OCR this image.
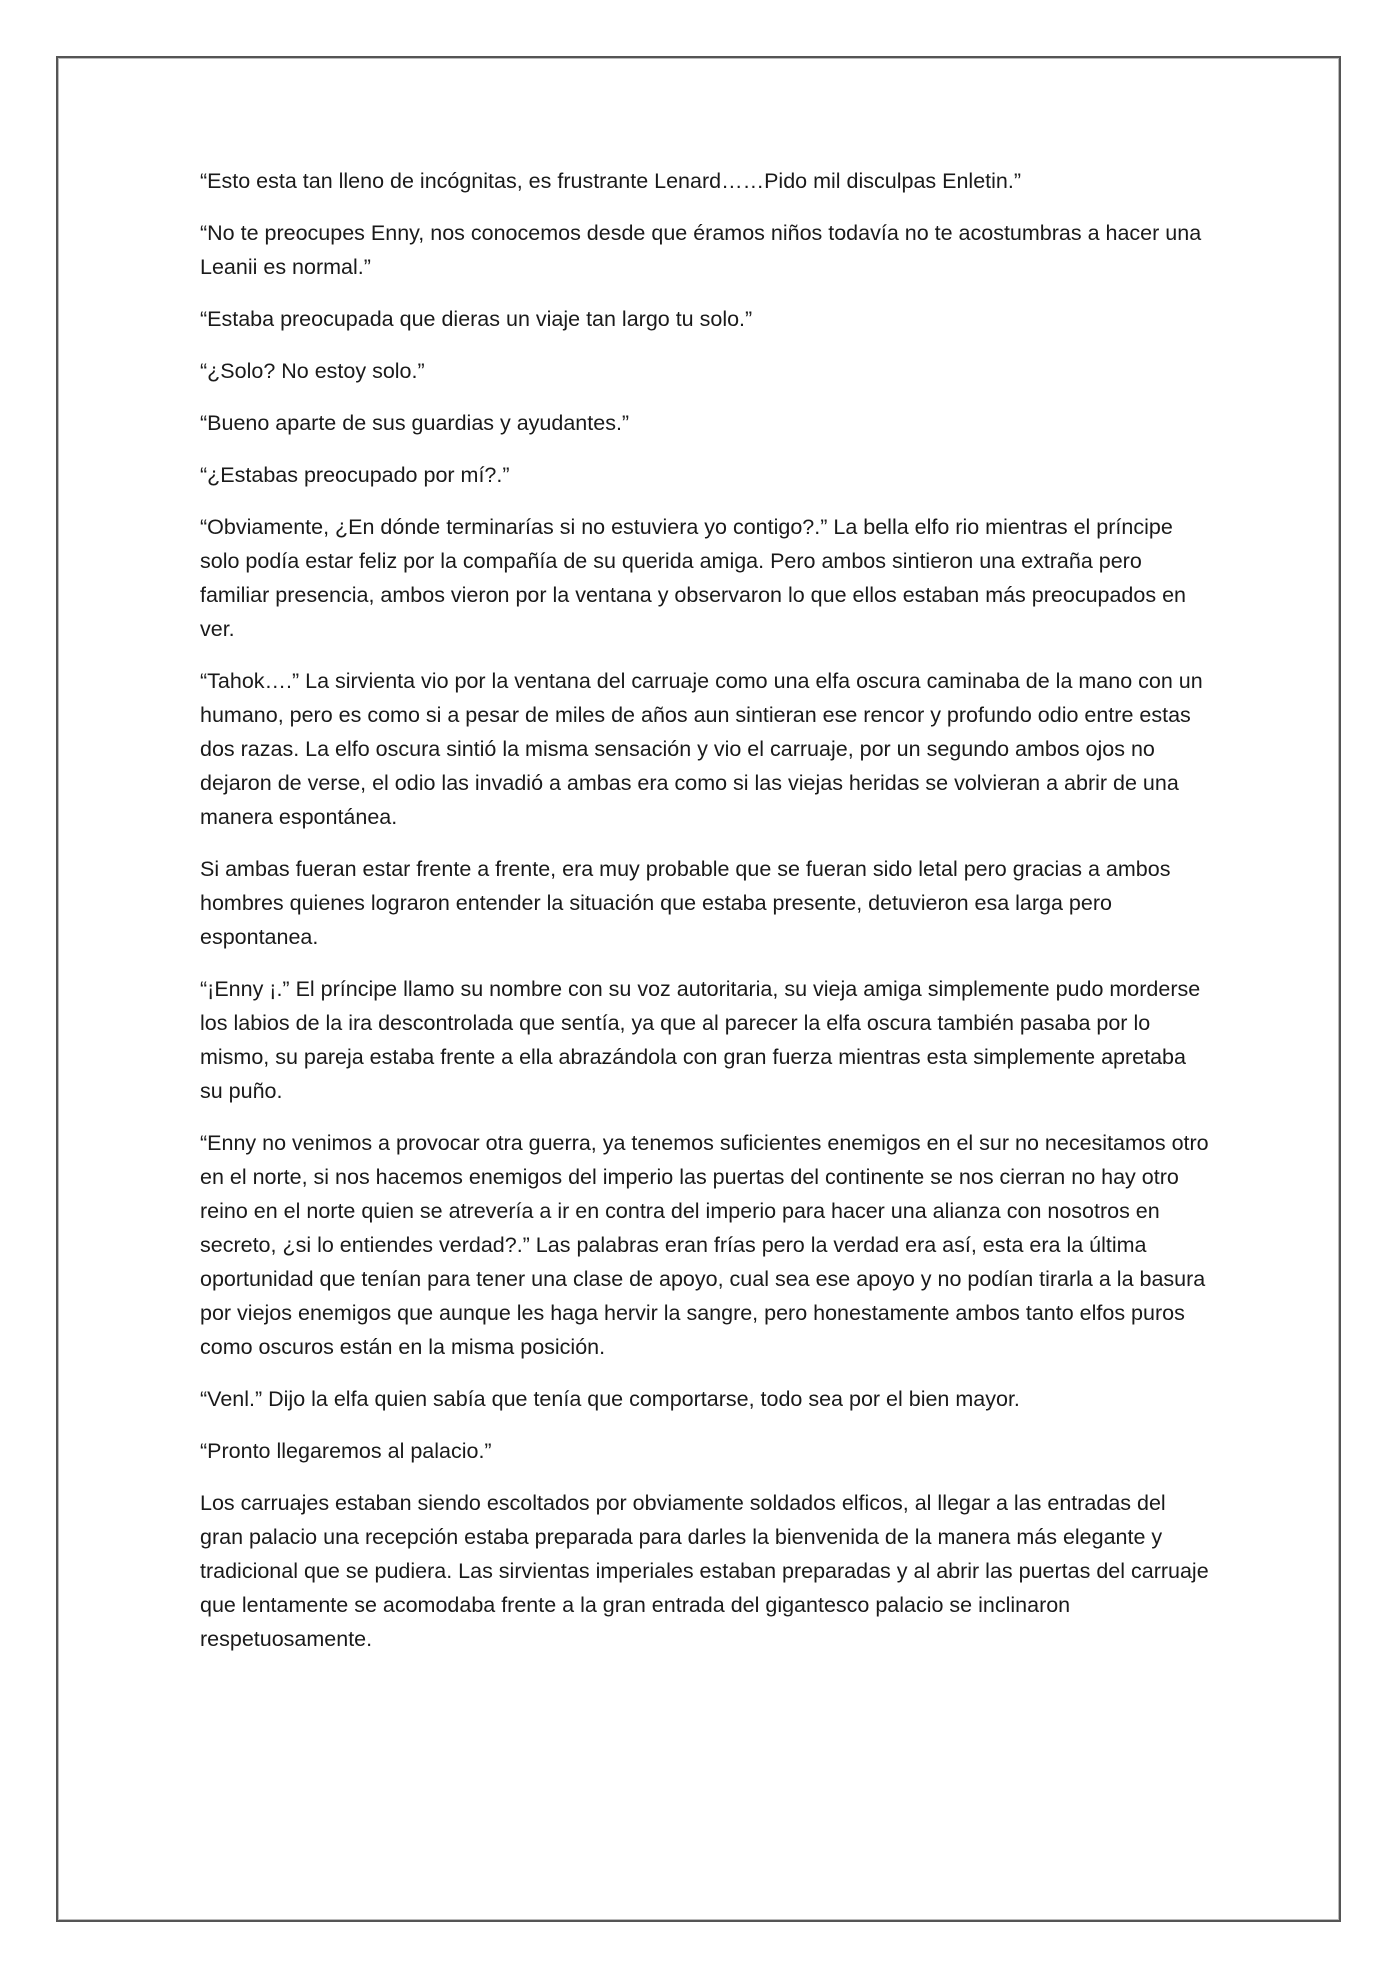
“Esto esta tan lleno de incógnitas, es frustrante Lenard……Pido mil disculpas Enletin.”

“No te preocupes Enny, nos conocemos desde que éramos niños todavía no te acostumbras a hacer una Leanii es normal.”

“Estaba preocupada que dieras un viaje tan largo tu solo.”

“¿Solo? No estoy solo.”

“Bueno aparte de sus guardias y ayudantes.”

“¿Estabas preocupado por mí?.”

“Obviamente, ¿En dónde terminarías si no estuviera yo contigo?.” La bella elfo rio mientras el príncipe solo podía estar feliz por la compañía de su querida amiga. Pero ambos sintieron una extraña pero familiar presencia, ambos vieron por la ventana y observaron lo que ellos estaban más preocupados en ver.

“Tahok….” La sirvienta vio por la ventana del carruaje como una elfa oscura caminaba de la mano con un humano, pero es como si a pesar de miles de años aun sintieran ese rencor y profundo odio entre estas dos razas. La elfo oscura sintió la misma sensación y vio el carruaje, por un segundo ambos ojos no dejaron de verse, el odio las invadió a ambas era como si las viejas heridas se volvieran a abrir de una manera espontánea.

Si ambas fueran estar frente a frente, era muy probable que se fueran sido letal pero gracias a ambos hombres quienes lograron entender la situación que estaba presente, detuvieron esa larga pero espontanea.

“¡Enny ¡.” El príncipe llamo su nombre con su voz autoritaria, su vieja amiga simplemente pudo morderse los labios de la ira descontrolada que sentía, ya que al parecer la elfa oscura también pasaba por lo mismo, su pareja estaba frente a ella abrazándola con gran fuerza mientras esta simplemente apretaba su puño.

“Enny no venimos a provocar otra guerra, ya tenemos suficientes enemigos en el sur no necesitamos otro en el norte, si nos hacemos enemigos del imperio las puertas del continente se nos cierran no hay otro reino en el norte quien se atrevería a ir en contra del imperio para hacer una alianza con nosotros en secreto, ¿si lo entiendes verdad?.” Las palabras eran frías pero la verdad era así, esta era la última oportunidad que tenían para tener una clase de apoyo, cual sea ese apoyo y no podían tirarla a la basura por viejos enemigos que aunque les haga hervir la sangre, pero honestamente ambos tanto elfos puros como oscuros están en la misma posición.

“Venl.” Dijo la elfa quien sabía que tenía que comportarse, todo sea por el bien mayor.

“Pronto llegaremos al palacio.”

Los carruajes estaban siendo escoltados por obviamente soldados elficos, al llegar a las entradas del gran palacio una recepción estaba preparada para darles la bienvenida de la manera más elegante y tradicional que se pudiera. Las sirvientas imperiales estaban preparadas y al abrir las puertas del carruaje que lentamente se acomodaba frente a la gran entrada del gigantesco palacio se inclinaron respetuosamente.
